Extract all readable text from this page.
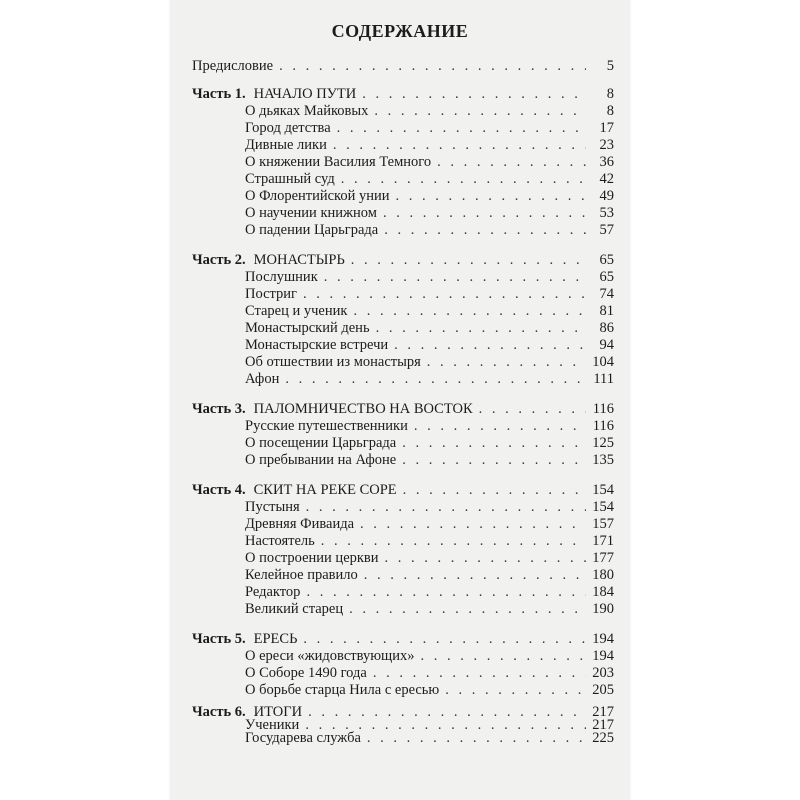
СОДЕРЖАНИЕ
Предисловие . . .	5
Часть 1. НАЧАЛО ПУТИ . . .	8
О дьяках Майковых . . .	8
Город детства . . .	17
Дивные лики . . .	23
О княжении Василия Темного . . .	36
Страшный суд . . .	42
О Флорентийской унии . . .	49
О научении книжном . . .	53
О падении Царьграда . . .	57
Часть 2. МОНАСТЫРЬ . . .	65
Послушник . . .	65
Постриг . . .	74
Старец и ученик . . .	81
Монастырский день . . .	86
Монастырские встречи . . .	94
Об отшествии из монастыря . . .	104
Афон . . .	111
Часть 3. ПАЛОМНИЧЕСТВО НА ВОСТОК . . .	116
Русские путешественники . . .	116
О посещении Царьграда . . .	125
О пребывании на Афоне . . .	135
Часть 4. СКИТ НА РЕКЕ СОРЕ . . .	154
Пустыня . . .	154
Древняя Фиваида . . .	157
Настоятель . . .	171
О построении церкви . . .	177
Келейное правило . . .	180
Редактор . . .	184
Великий старец . . .	190
Часть 5. ЕРЕСЬ . . .	194
О ереси «жидовствующих» . . .	194
О Соборе 1490 года . . .	203
О борьбе старца Нила с ересью . . .	205
Часть 6. ИТОГИ . . .	217
Ученики . . .	217
Государева служба . . .	225
